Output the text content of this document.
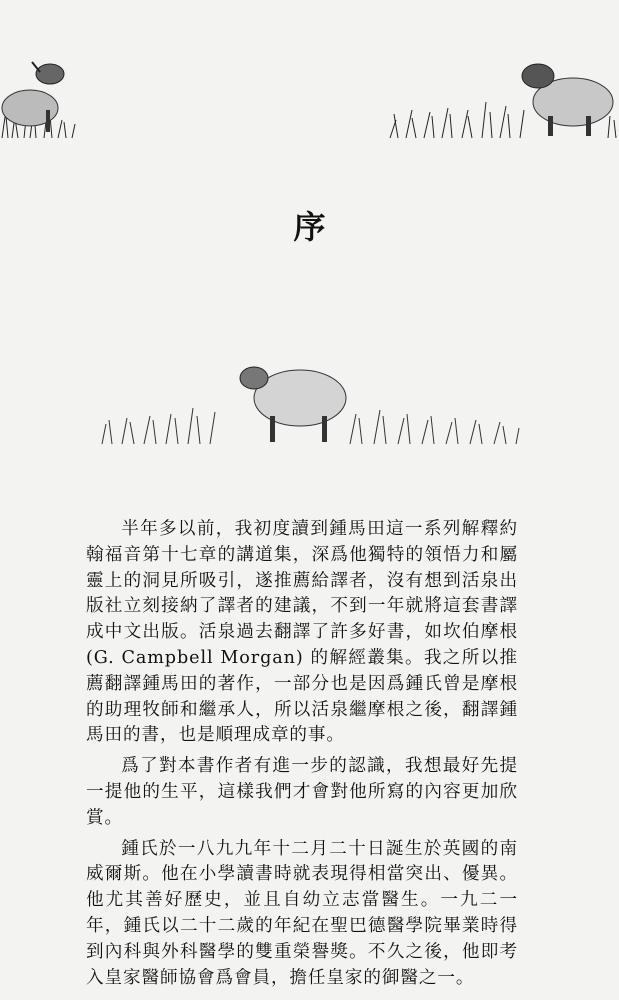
序

半年多以前，我初度讀到鍾馬田這一系列解釋約翰福音第十七章的講道集，深爲他獨特的領悟力和屬靈上的洞見所吸引，遂推薦給譯者，沒有想到活泉出版社立刻接納了譯者的建議，不到一年就將這套書譯成中文出版。活泉過去翻譯了許多好書，如坎伯摩根 (G. Campbell Morgan) 的解經叢集。我之所以推薦翻譯鍾馬田的著作，一部分也是因爲鍾氏曾是摩根的助理牧師和繼承人，所以活泉繼摩根之後，翻譯鍾馬田的書，也是順理成章的事。

爲了對本書作者有進一步的認識，我想最好先提一提他的生平，這樣我們才會對他所寫的內容更加欣賞。

鍾氏於一八九九年十二月二十日誕生於英國的南威爾斯。他在小學讀書時就表現得相當突出、優異。他尤其善好歷史，並且自幼立志當醫生。一九二一年，鍾氏以二十二歲的年紀在聖巴德醫學院畢業時得到內科與外科醫學的雙重榮譽獎。不久之後，他即考入皇家醫師協會爲會員，擔任皇家的御醫之一。
